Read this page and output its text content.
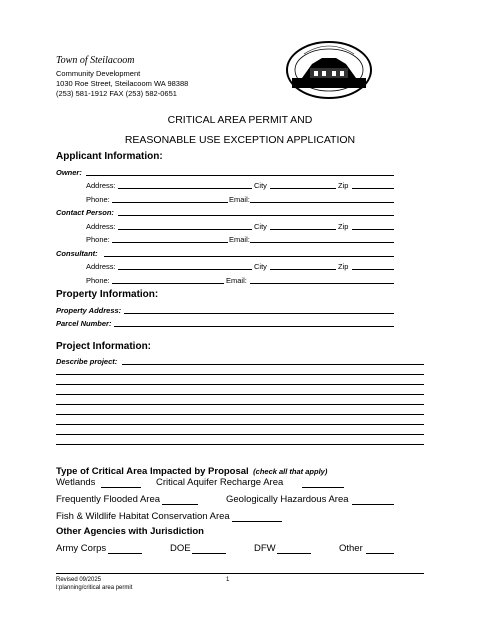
Town of Steilacoom
Community Development
1030 Roe Street, Steilacoom WA 98388
(253) 581-1912 FAX (253) 582-0651
CRITICAL AREA PERMIT AND
REASONABLE USE EXCEPTION APPLICATION
Applicant Information:
Owner:
Address:	City	Zip
Phone:	Email:
Contact Person:
Address:	City	Zip
Phone:	Email:
Consultant:
Address:	City	Zip
Phone:	Email:
Property Information:
Property Address:
Parcel Number:
Project Information:
Describe project:
Type of Critical Area Impacted by Proposal (check all that apply)
Wetlands	Critical Aquifer Recharge Area
Frequently Flooded Area	Geologically Hazardous Area
Fish & Wildlife Habitat Conservation Area
Other Agencies with Jurisdiction
Army Corps	DOE	DFW	Other
Revised 09/2025
l:planning/critical area permit
1
